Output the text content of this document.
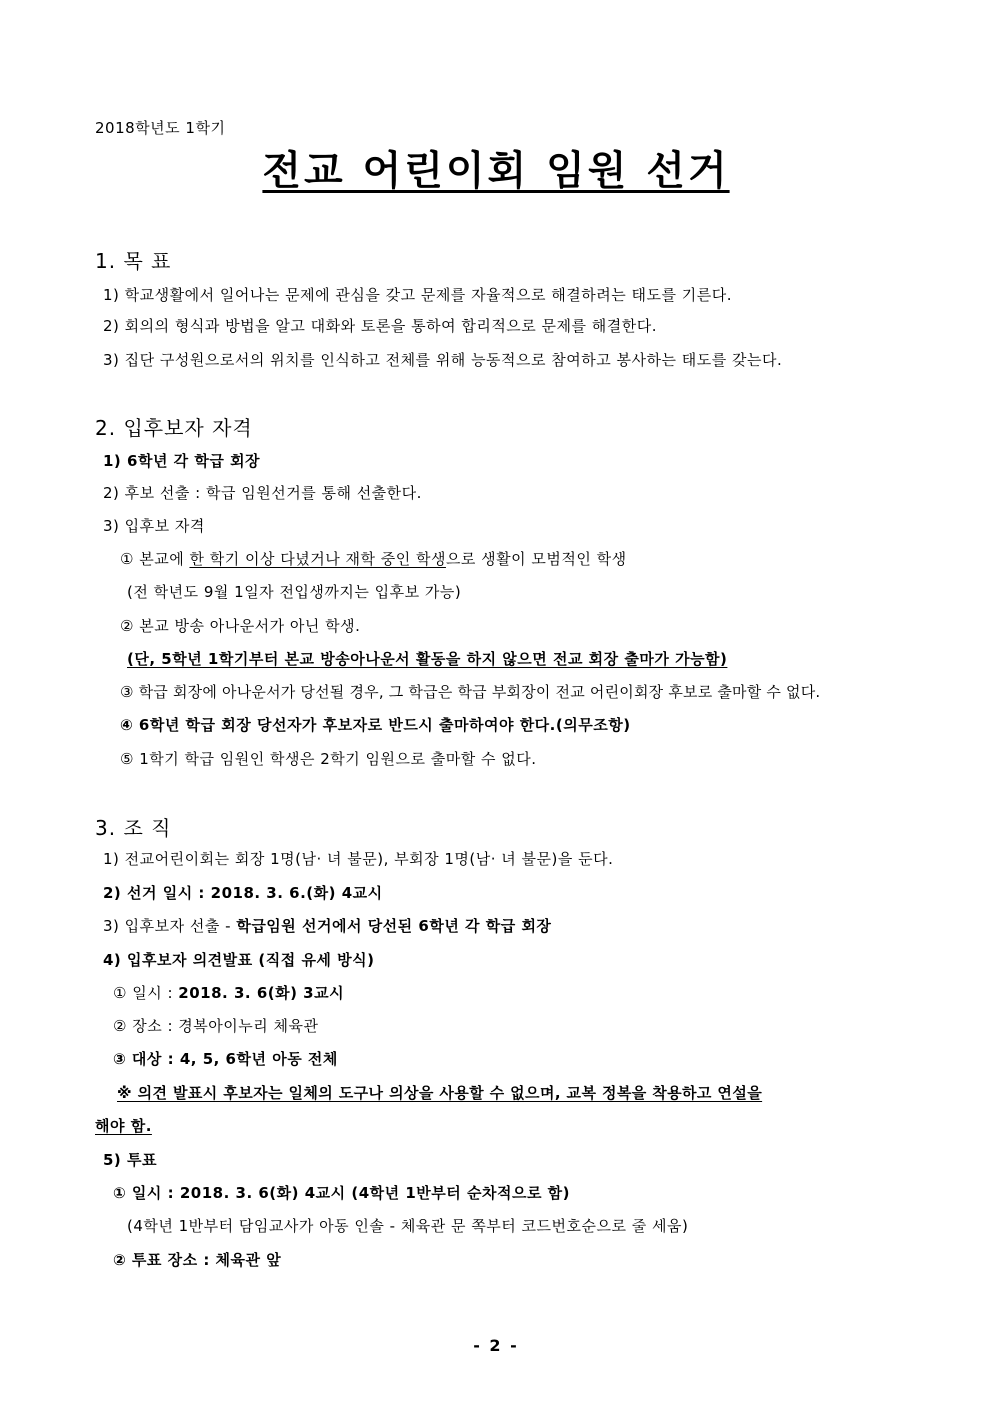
2018학년도 1학기
전교 어린이회 임원 선거
1. 목 표
1) 학교생활에서 일어나는 문제에 관심을 갖고 문제를 자율적으로 해결하려는 태도를 기른다.
2) 회의의 형식과 방법을 알고 대화와 토론을 통하여 합리적으로 문제를 해결한다.
3) 집단 구성원으로서의 위치를 인식하고 전체를 위해 능동적으로 참여하고 봉사하는 태도를 갖는다.
2. 입후보자 자격
1) 6학년 각 학급 회장
2) 후보 선출 : 학급 임원선거를 통해 선출한다.
3) 입후보 자격
① 본교에 한 학기 이상 다녔거나 재학 중인 학생으로 생활이 모범적인 학생
(전 학년도 9월 1일자 전입생까지는 입후보 가능)
② 본교 방송 아나운서가 아닌 학생.
(단, 5학년 1학기부터 본교 방송아나운서 활동을 하지 않으면 전교 회장 출마가 가능함)
③ 학급 회장에 아나운서가 당선될 경우, 그 학급은 학급 부회장이 전교 어린이회장 후보로 출마할 수 없다.
④ 6학년 학급 회장 당선자가 후보자로 반드시 출마하여야 한다.(의무조항)
⑤ 1학기 학급 임원인 학생은 2학기 임원으로 출마할 수 없다.
3. 조 직
1) 전교어린이회는 회장 1명(남· 녀 불문), 부회장 1명(남· 녀 불문)을 둔다.
2) 선거 일시 : 2018. 3. 6.(화) 4교시
3) 입후보자 선출 - 학급임원 선거에서 당선된 6학년 각 학급 회장
4) 입후보자 의견발표 (직접 유세 방식)
① 일시 : 2018. 3. 6(화) 3교시
② 장소 : 경복아이누리 체육관
③ 대상 : 4, 5, 6학년 아동 전체
※ 의견 발표시 후보자는 일체의 도구나 의상을 사용할 수 없으며, 교복 정복을 착용하고 연설을
해야 함.
5) 투표
① 일시 : 2018. 3. 6(화) 4교시 (4학년 1반부터 순차적으로 함)
(4학년 1반부터 담임교사가 아동 인솔 - 체육관 문 쪽부터 코드번호순으로 줄 세움)
② 투표 장소 : 체육관 앞
- 2 -
